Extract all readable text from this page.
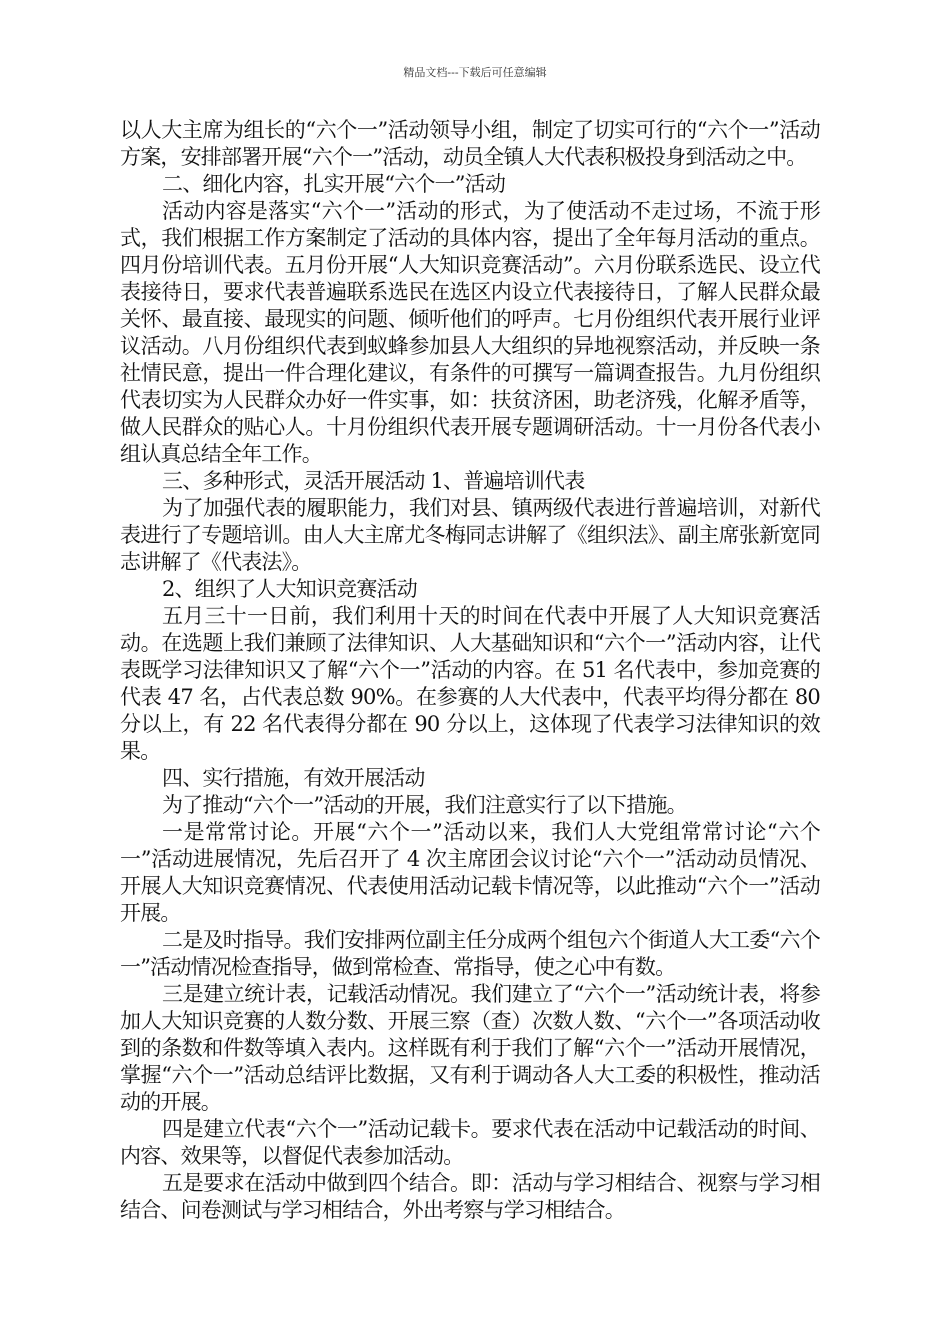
精品文档---下载后可任意编辑

以人大主席为组长的“六个一”活动领导小组，制定了切实可行的“六个一”活动方案，安排部署开展“六个一”活动，动员全镇人大代表积极投身到活动之中。

二、细化内容，扎实开展“六个一”活动

活动内容是落实“六个一”活动的形式，为了使活动不走过场，不流于形式，我们根据工作方案制定了活动的具体内容，提出了全年每月活动的重点。四月份培训代表。五月份开展“人大知识竞赛活动”。六月份联系选民、设立代表接待日，要求代表普遍联系选民在选区内设立代表接待日，了解人民群众最关怀、最直接、最现实的问题、倾听他们的呼声。七月份组织代表开展行业评议活动。八月份组织代表到蚁蜂参加县人大组织的异地视察活动，并反映一条社情民意，提出一件合理化建议，有条件的可撰写一篇调查报告。九月份组织代表切实为人民群众办好一件实事，如：扶贫济困，助老济残，化解矛盾等，做人民群众的贴心人。十月份组织代表开展专题调研活动。十一月份各代表小组认真总结全年工作。

三、多种形式，灵活开展活动 1、普遍培训代表

为了加强代表的履职能力，我们对县、镇两级代表进行普遍培训，对新代表进行了专题培训。由人大主席尤冬梅同志讲解了《组织法》、副主席张新宽同志讲解了《代表法》。

2、组织了人大知识竞赛活动

五月三十一日前，我们利用十天的时间在代表中开展了人大知识竞赛活动。在选题上我们兼顾了法律知识、人大基础知识和“六个一”活动内容，让代表既学习法律知识又了解“六个一”活动的内容。在 51 名代表中，参加竞赛的代表 47 名，占代表总数 90%。在参赛的人大代表中，代表平均得分都在 80 分以上，有 22 名代表得分都在 90 分以上，这体现了代表学习法律知识的效果。

四、实行措施，有效开展活动

为了推动“六个一”活动的开展，我们注意实行了以下措施。

一是常常讨论。开展“六个一”活动以来，我们人大党组常常讨论“六个一”活动进展情况，先后召开了 4 次主席团会议讨论“六个一”活动动员情况、开展人大知识竞赛情况、代表使用活动记载卡情况等，以此推动“六个一”活动开展。

二是及时指导。我们安排两位副主任分成两个组包六个街道人大工委“六个一”活动情况检查指导，做到常检查、常指导，使之心中有数。

三是建立统计表，记载活动情况。我们建立了“六个一”活动统计表，将参加人大知识竞赛的人数分数、开展三察（查）次数人数、“六个一”各项活动收到的条数和件数等填入表内。这样既有利于我们了解“六个一”活动开展情况，掌握“六个一”活动总结评比数据，又有利于调动各人大工委的积极性，推动活动的开展。

四是建立代表“六个一”活动记载卡。要求代表在活动中记载活动的时间、内容、效果等，以督促代表参加活动。

五是要求在活动中做到四个结合。即：活动与学习相结合、视察与学习相结合、问卷测试与学习相结合，外出考察与学习相结合。
